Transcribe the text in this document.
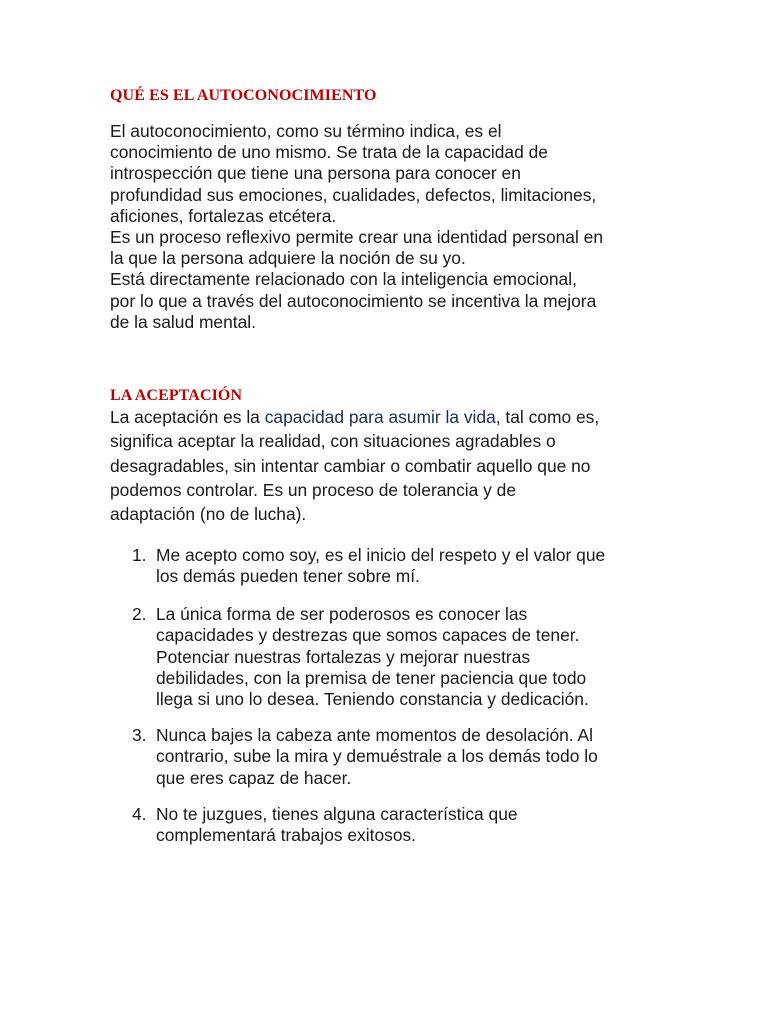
QUÉ ES EL AUTOCONOCIMIENTO

El autoconocimiento, como su término indica, es el
conocimiento de uno mismo. Se trata de la capacidad de
introspección que tiene una persona para conocer en
profundidad sus emociones, cualidades, defectos, limitaciones,
aficiones, fortalezas etcétera.
Es un proceso reflexivo permite crear una identidad personal en
la que la persona adquiere la noción de su yo.
Está directamente relacionado con la inteligencia emocional,
por lo que a través del autoconocimiento se incentiva la mejora
de la salud mental.

LA ACEPTACIÓN

La aceptación es la capacidad para asumir la vida, tal como es,
significa aceptar la realidad, con situaciones agradables o
desagradables, sin intentar cambiar o combatir aquello que no
podemos controlar. Es un proceso de tolerancia y de
adaptación (no de lucha).

1. Me acepto como soy, es el inicio del respeto y el valor que
los demás pueden tener sobre mí.
2. La única forma de ser poderosos es conocer las
capacidades y destrezas que somos capaces de tener.
Potenciar nuestras fortalezas y mejorar nuestras
debilidades, con la premisa de tener paciencia que todo
llega si uno lo desea. Teniendo constancia y dedicación.
3. Nunca bajes la cabeza ante momentos de desolación. Al
contrario, sube la mira y demuéstrale a los demás todo lo
que eres capaz de hacer.
4. No te juzgues, tienes alguna característica que
complementará trabajos exitosos.
